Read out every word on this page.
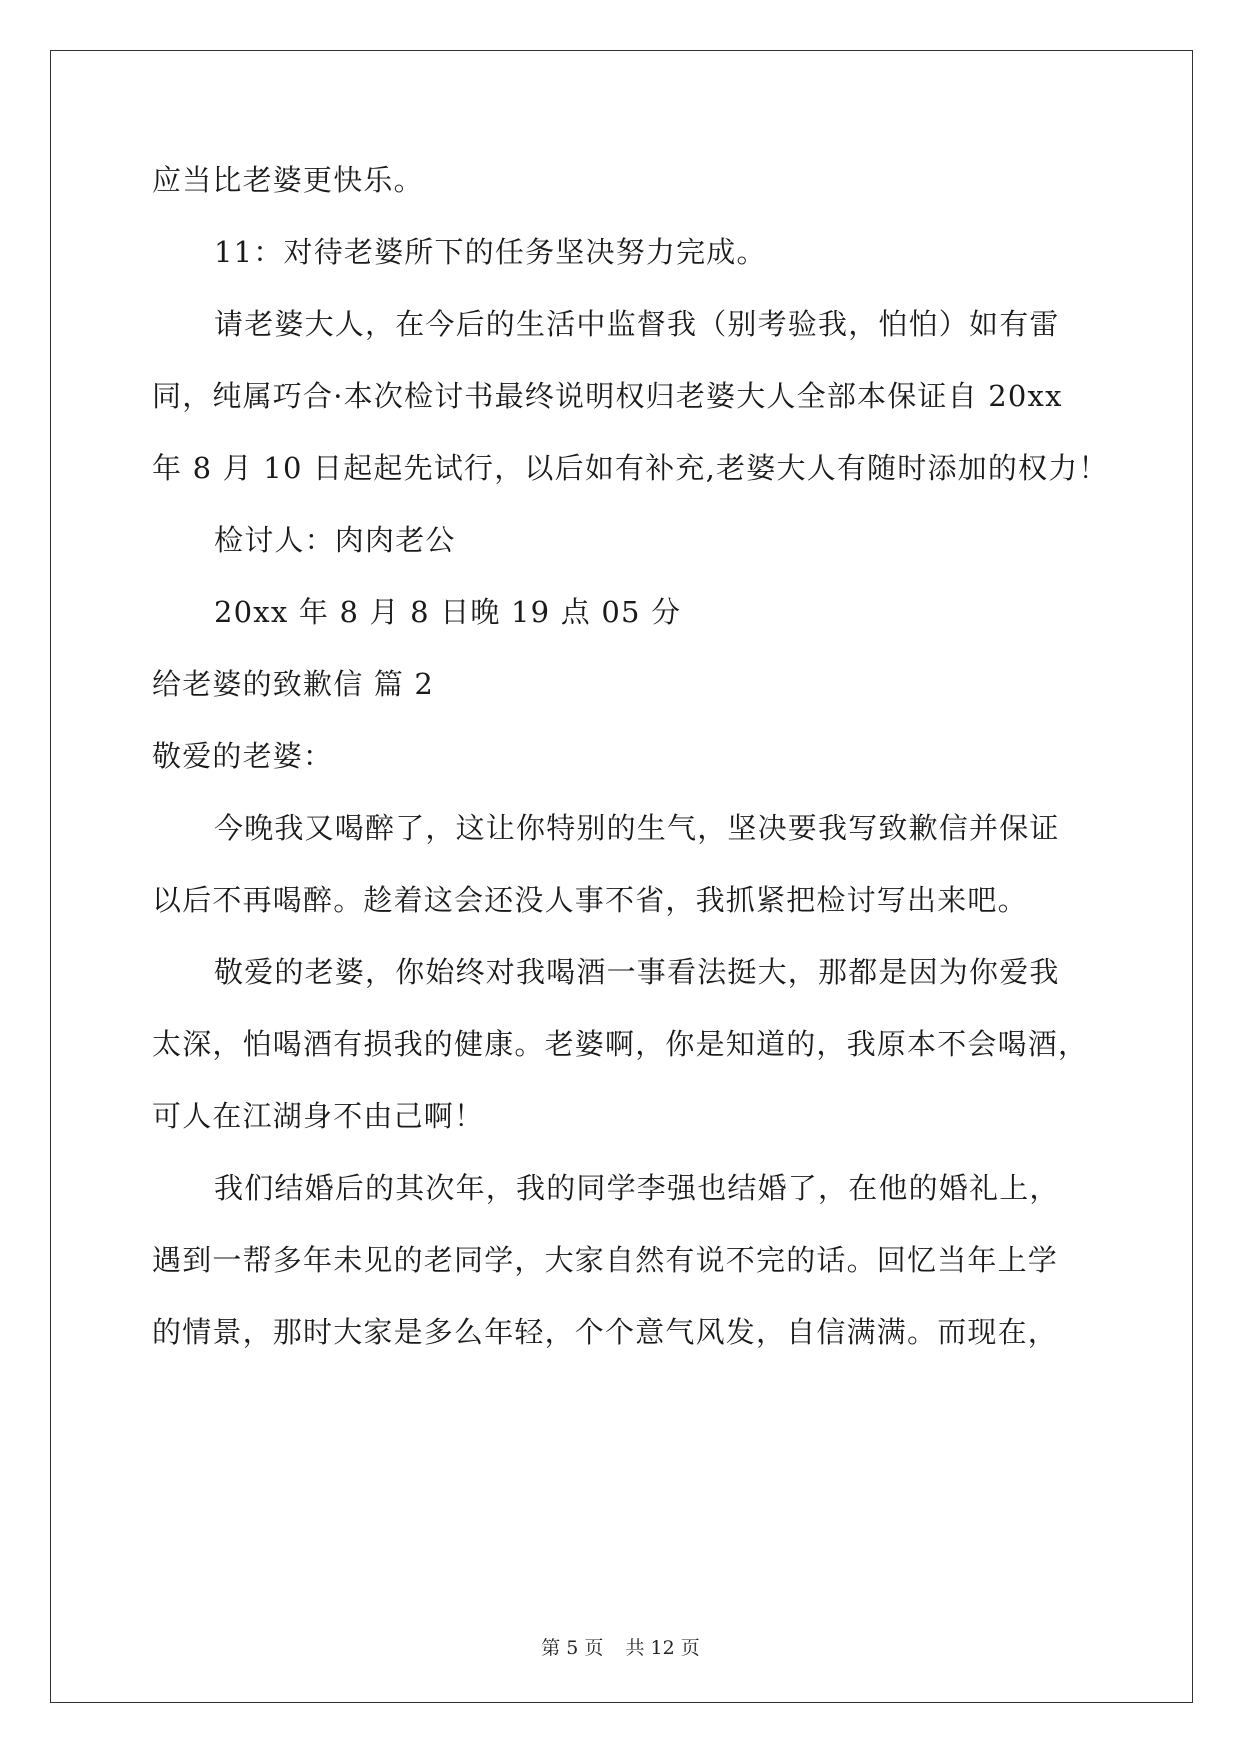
应当比老婆更快乐。
11：对待老婆所下的任务坚决努力完成。
请老婆大人，在今后的生活中监督我（别考验我，怕怕）如有雷
同，纯属巧合·本次检讨书最终说明权归老婆大人全部本保证自 20xx
年 8 月 10 日起起先试行，以后如有补充,老婆大人有随时添加的权力！
检讨人：肉肉老公
20xx 年 8 月 8 日晚 19 点 05 分
给老婆的致歉信 篇 2
敬爱的老婆：
今晚我又喝醉了，这让你特别的生气，坚决要我写致歉信并保证
以后不再喝醉。趁着这会还没人事不省，我抓紧把检讨写出来吧。
敬爱的老婆，你始终对我喝酒一事看法挺大，那都是因为你爱我
太深，怕喝酒有损我的健康。老婆啊，你是知道的，我原本不会喝酒，
可人在江湖身不由己啊！
我们结婚后的其次年，我的同学李强也结婚了，在他的婚礼上，
遇到一帮多年未见的老同学，大家自然有说不完的话。回忆当年上学
的情景，那时大家是多么年轻，个个意气风发，自信满满。而现在，
第 5 页 共 12 页
